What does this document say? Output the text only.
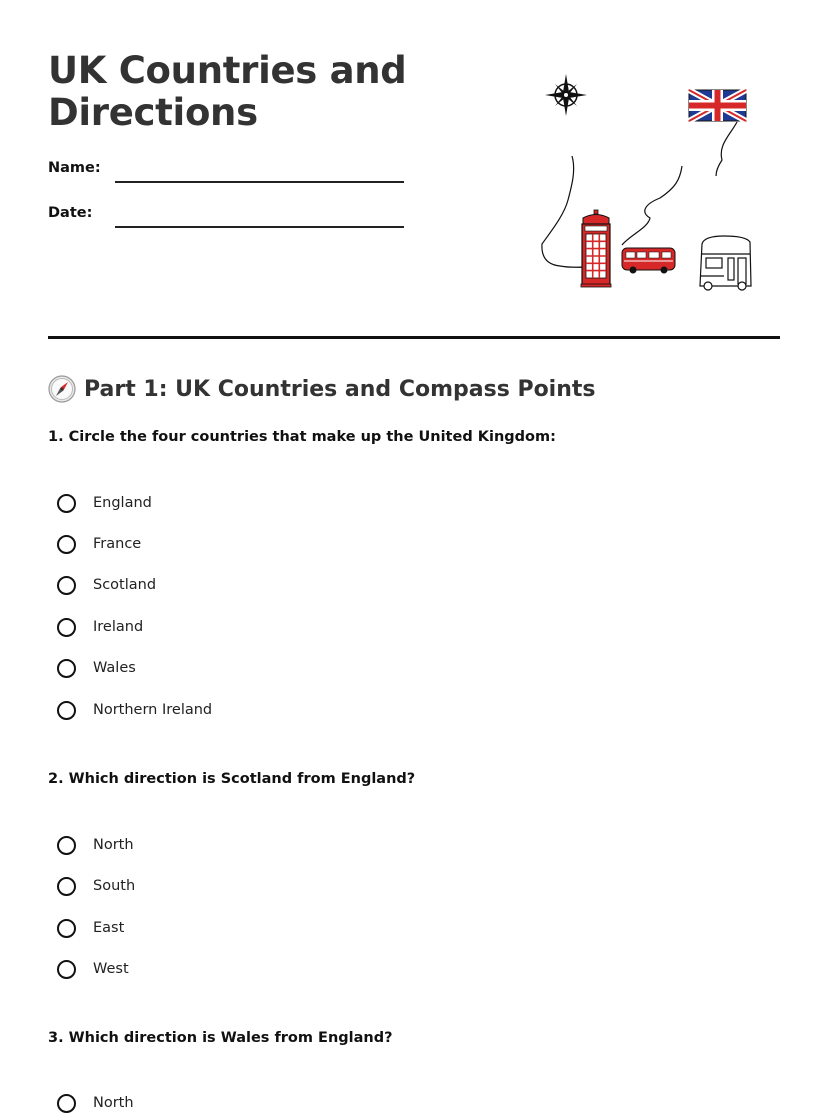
UK Countries and Directions
Name:
Date:
Part 1: UK Countries and Compass Points
1. Circle the four countries that make up the United Kingdom:
England
France
Scotland
Ireland
Wales
Northern Ireland
2. Which direction is Scotland from England?
North
South
East
West
3. Which direction is Wales from England?
North
